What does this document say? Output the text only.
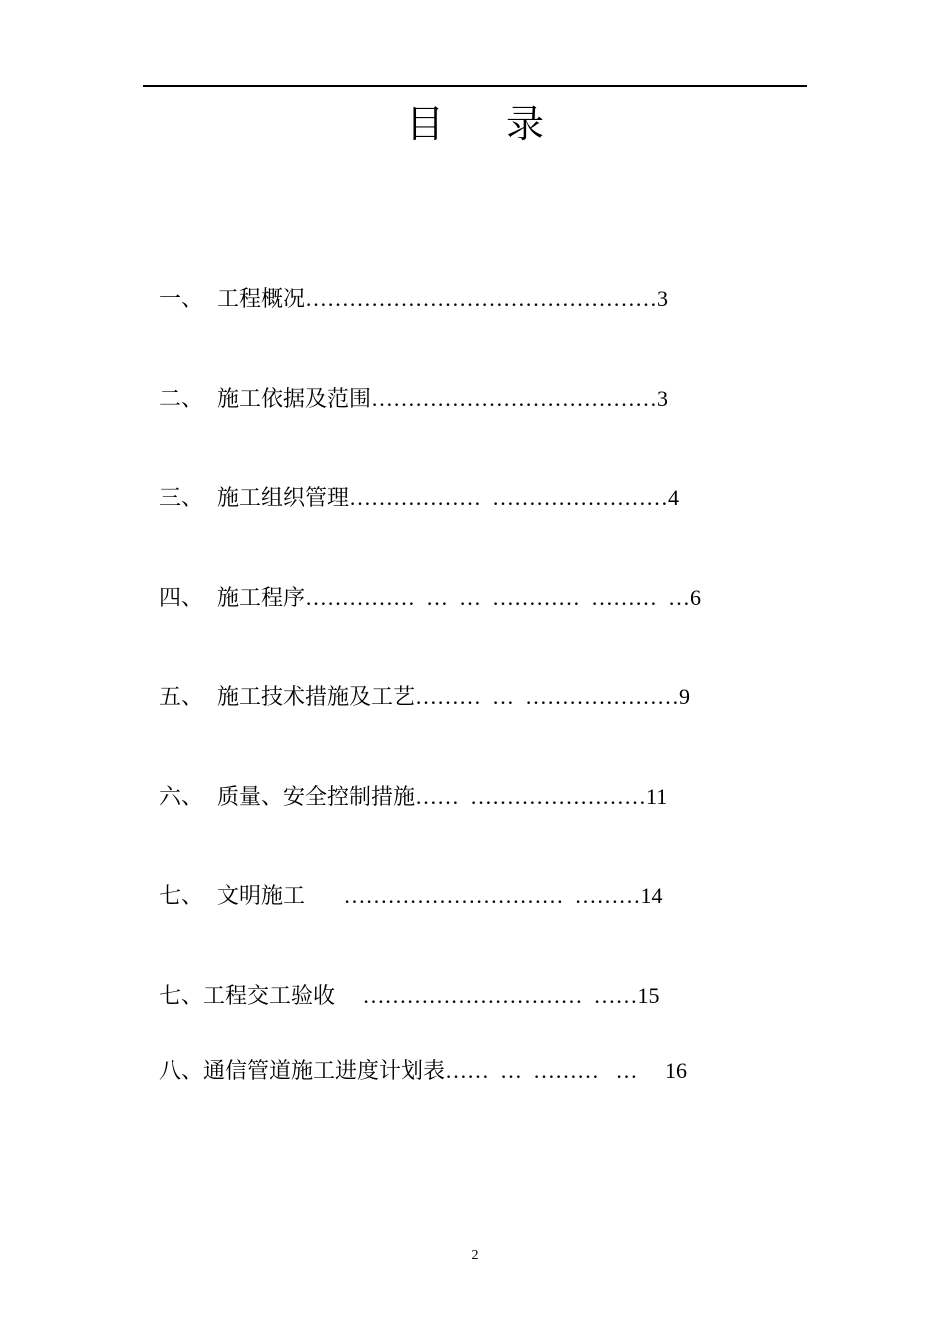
目 录

一、 工程概况…………………………………………3

二、 施工依据及范围…………………………………3

三、 施工组织管理………………  ……………………4

四、 施工程序……………  …  …  …………  ………  …6

五、 施工技术措施及工艺………  …  …………………9

六、 质量、安全控制措施……  ……………………11

七、 文明施工       …………………………  ………14

七、工程交工验收     …………………………  ……15

八、通信管道施工进度计划表……  …  ………   …     16

2
